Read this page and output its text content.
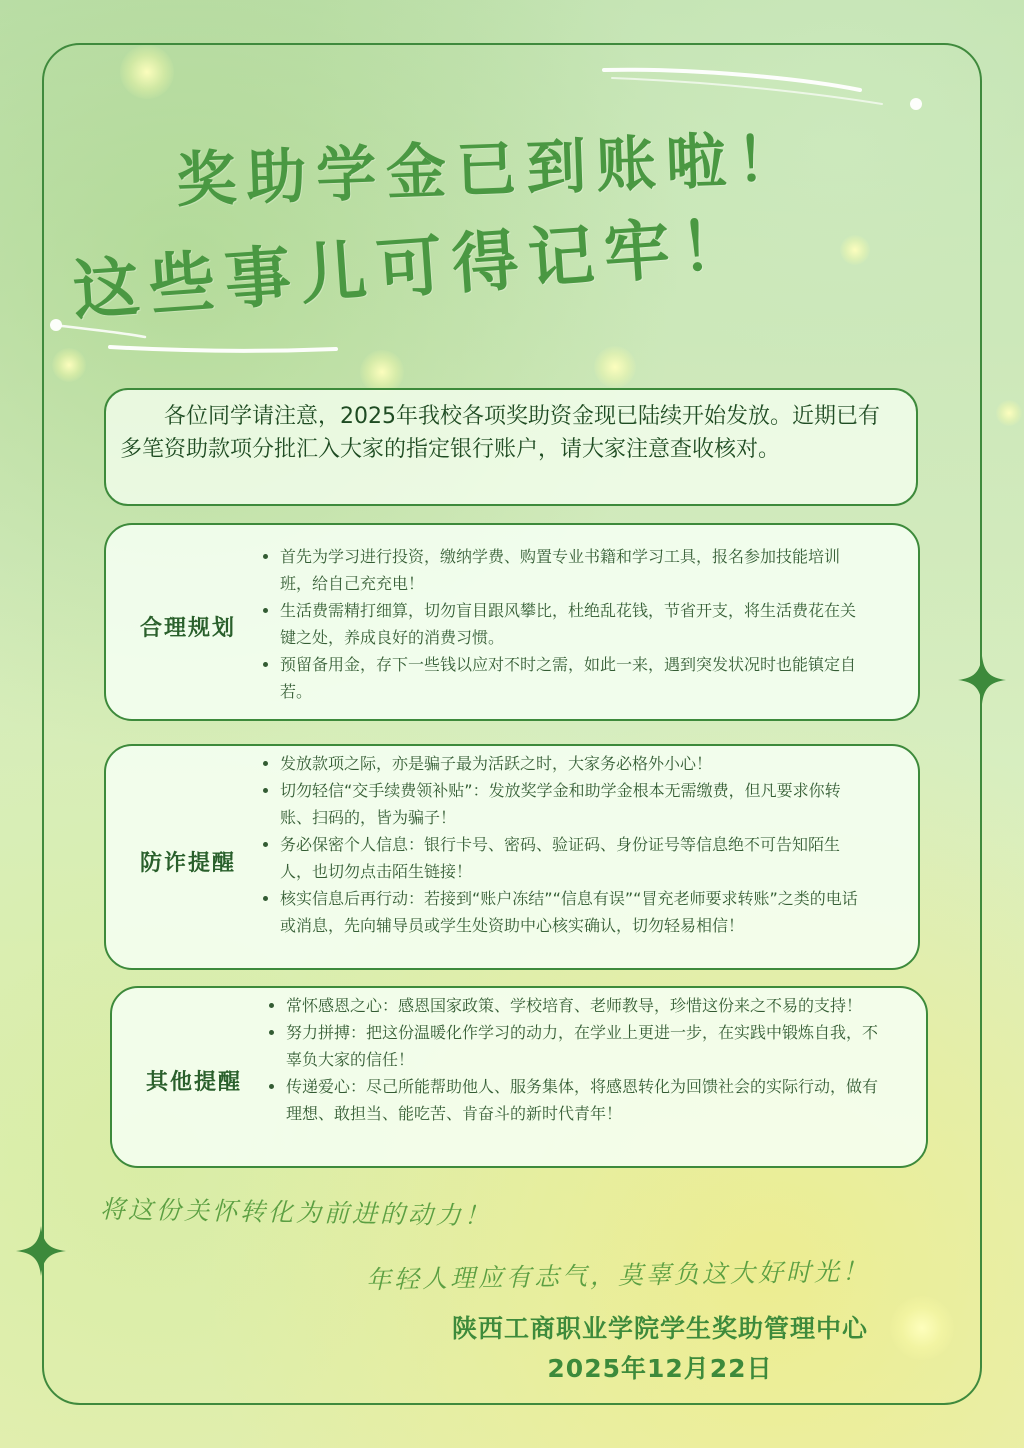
奖助学金已到账啦！
这些事儿可得记牢！

各位同学请注意，2025年我校各项奖助资金现已陆续开始发放。近期已有多笔资助款项分批汇入大家的指定银行账户，请大家注意查收核对。

合理规划
• 首先为学习进行投资，缴纳学费、购置专业书籍和学习工具，报名参加技能培训班，给自己充充电！
• 生活费需精打细算，切勿盲目跟风攀比，杜绝乱花钱，节省开支，将生活费花在关键之处，养成良好的消费习惯。
• 预留备用金，存下一些钱以应对不时之需，如此一来，遇到突发状况时也能镇定自若。
防诈提醒
• 发放款项之际，亦是骗子最为活跃之时，大家务必格外小心！
• 切勿轻信“交手续费领补贴”：发放奖学金和助学金根本无需缴费，但凡要求你转账、扫码的，皆为骗子！
• 务必保密个人信息：银行卡号、密码、验证码、身份证号等信息绝不可告知陌生人，也切勿点击陌生链接！
• 核实信息后再行动：若接到“账户冻结”“信息有误”“冒充老师要求转账”之类的电话或消息，先向辅导员或学生处资助中心核实确认，切勿轻易相信！
其他提醒
• 常怀感恩之心：感恩国家政策、学校培育、老师教导，珍惜这份来之不易的支持！
• 努力拼搏：把这份温暖化作学习的动力，在学业上更进一步，在实践中锻炼自我，不辜负大家的信任！
• 传递爱心：尽己所能帮助他人、服务集体，将感恩转化为回馈社会的实际行动，做有理想、敢担当、能吃苦、肯奋斗的新时代青年！

将这份关怀转化为前进的动力！

年轻人理应有志气，莫辜负这大好时光！

陕西工商职业学院学生奖助管理中心
2025年12月22日
